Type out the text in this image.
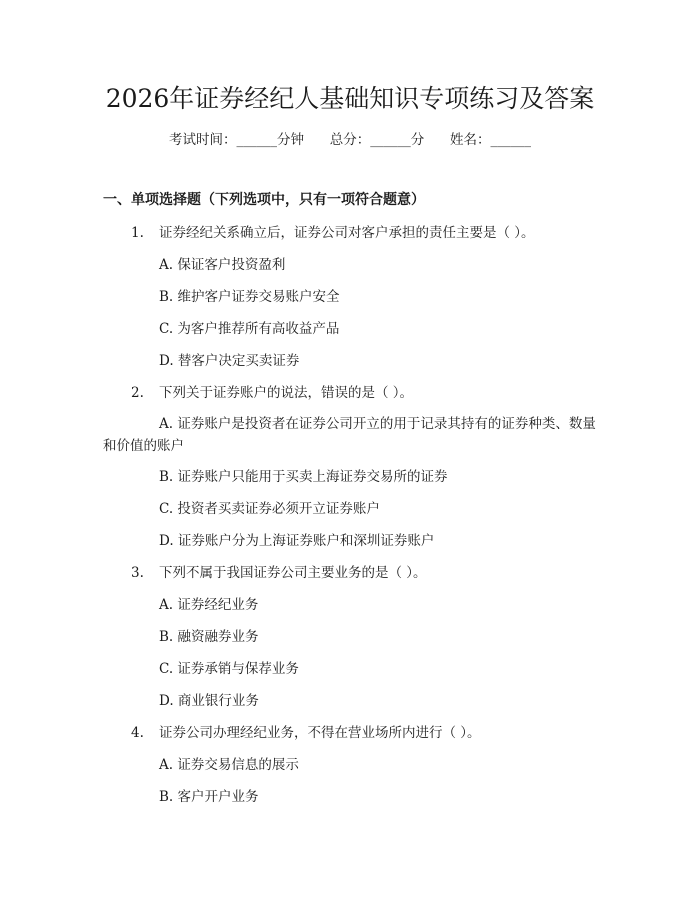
2026年证券经纪人基础知识专项练习及答案
考试时间：______分钟 总分：______分 姓名：______
一、单项选择题（下列选项中，只有一项符合题意）
1. 证券经纪关系确立后，证券公司对客户承担的责任主要是（ ）。
A. 保证客户投资盈利
B. 维护客户证券交易账户安全
C. 为客户推荐所有高收益产品
D. 替客户决定买卖证券
2. 下列关于证券账户的说法，错误的是（ ）。
A. 证券账户是投资者在证券公司开立的用于记录其持有的证券种类、数量和价值的账户
B. 证券账户只能用于买卖上海证券交易所的证券
C. 投资者买卖证券必须开立证券账户
D. 证券账户分为上海证券账户和深圳证券账户
3. 下列不属于我国证券公司主要业务的是（ ）。
A. 证券经纪业务
B. 融资融券业务
C. 证券承销与保荐业务
D. 商业银行业务
4. 证券公司办理经纪业务，不得在营业场所内进行（ ）。
A. 证券交易信息的展示
B. 客户开户业务
